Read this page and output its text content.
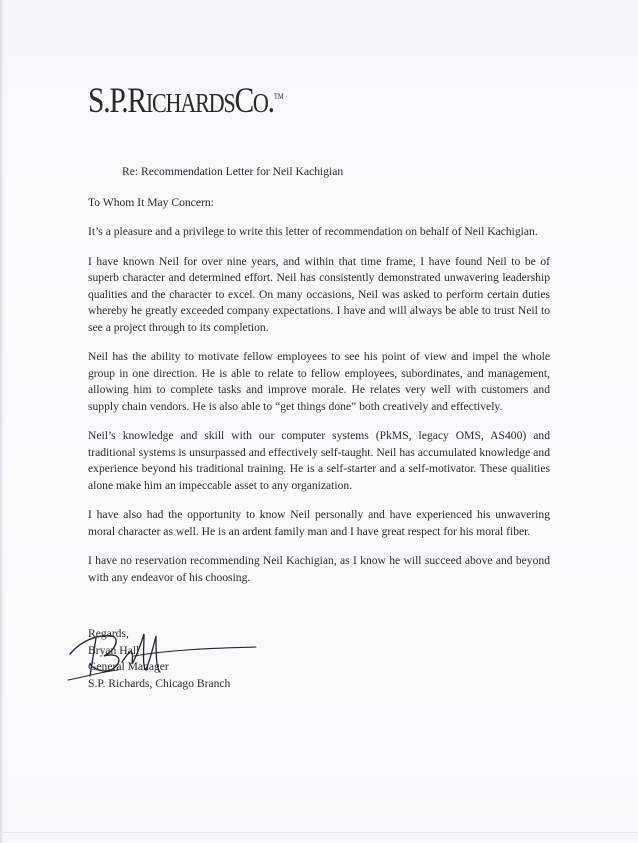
S.P.RICHARDSCO.™

Re: Recommendation Letter for Neil Kachigian

To Whom It May Concern:

It’s a pleasure and a privilege to write this letter of recommendation on behalf of Neil Kachigian.

I have known Neil for over nine years, and within that time frame, I have found Neil to be of superb character and determined effort. Neil has consistently demonstrated unwavering leadership qualities and the character to excel. On many occasions, Neil was asked to perform certain duties whereby he greatly exceeded company expectations. I have and will always be able to trust Neil to see a project through to its completion.

Neil has the ability to motivate fellow employees to see his point of view and impel the whole group in one direction. He is able to relate to fellow employees, subordinates, and management, allowing him to complete tasks and improve morale. He relates very well with customers and supply chain vendors. He is also able to “get things done” both creatively and effectively.

Neil’s knowledge and skill with our computer systems (PkMS, legacy OMS, AS400) and traditional systems is unsurpassed and effectively self-taught. Neil has accumulated knowledge and experience beyond his traditional training. He is a self-starter and a self-motivator. These qualities alone make him an impeccable asset to any organization.

I have also had the opportunity to know Neil personally and have experienced his unwavering moral character as well. He is an ardent family man and I have great respect for his moral fiber.

I have no reservation recommending Neil Kachigian, as I know he will succeed above and beyond with any endeavor of his choosing.

Regards,

Bryan Hall

General Manager

S.P. Richards, Chicago Branch
